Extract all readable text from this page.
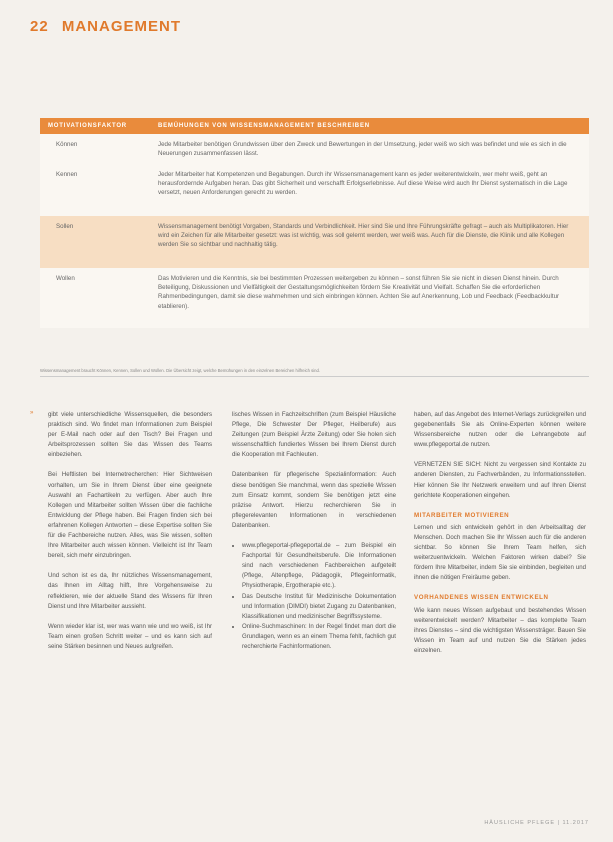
22 MANAGEMENT
MOTIVATIONSFAKTOR	BEMÜHUNGEN VON WISSENSMANAGEMENT BESCHREIBEN
Können	Jede Mitarbeiter benötigen Grundwissen über den Zweck und Bewertungen in der Umsetzung, jeder weiß wo sich was befindet und wie es sich in die Neuerungen zusammenfassen lässt.
Kennen	Jeder Mitarbeiter hat Kompetenzen und Begabungen. Durch ihr Wissensmanagement kann es jeder weiterentwickeln, wer mehr weiß, geht an herausfordernde Aufgaben heran. Das gibt Sicherheit und verschafft Erfolgserlebnisse. Auf diese Weise wird auch Ihr Dienst systematisch in die Lage versetzt, neuen Anforderungen gerecht zu werden.
Sollen	Wissensmanagement benötigt Vorgaben, Standards und Verbindlichkeit. Hier sind Sie und Ihre Führungskräfte gefragt – auch als Multiplikatoren. Hier wird ein Zeichen für alle Mitarbeiter gesetzt: was ist wichtig, was soll gelernt werden, wer weiß was. Auch für die Dienste, die Klinik und alle Kollegen werden Sie so sichtbar und nachhaltig tätig.
Wollen	Das Motivieren und die Kenntnis, sie bei bestimmten Prozessen weitergeben zu können – sonst führen Sie sie nicht in diesen Dienst hinein. Durch Beteiligung, Diskussionen und Vielfältigkeit der Gestaltungsmöglichkeiten fördern Sie Kreativität und Vielfalt. Schaffen Sie die erforderlichen Rahmenbedingungen, damit sie diese wahrnehmen und sich einbringen können. Achten Sie auf Anerkennung, Lob und Feedback (Feedbackkultur etablieren).
Wissensmanagement braucht Können, Kennen, Sollen und Wollen. Die Übersicht zeigt, welche Bemühungen in den einzelnen Bereichen hilfreich sind.
» gibt viele unterschiedliche Wissensquellen, die besonders praktisch sind. Wo findet man Informationen zum Beispiel per E-Mail nach oder auf den Tisch? Bei Fragen und Arbeitsprozessen sollten Sie das Wissen des Teams einbeziehen.

Bei Heftlisten bei Internetrecherchen: Hier Sichtweisen vorhalten, um Sie in Ihrem Dienst über eine geeignete Auswahl an Fachartikeln zu verfügen. Aber auch Ihre Kollegen und Mitarbeiter sollten Wissen über die fachliche Entwicklung der Pflege haben. Bei Fragen finden sich bei erfahrenen Kollegen Antworten – diese Expertise sollten Sie für die Fachbereiche nutzen. Alles, was Sie wissen, sollten Ihre Mitarbeiter auch wissen können. Vielleicht ist Ihr Team bereit, sich mehr einzubringen.

Und schon ist es da, Ihr nützliches Wissensmanagement, das Ihnen im Alltag hilft, Ihre Vorgehensweise zu reflektieren, wie der aktuelle Stand des Wissens für Ihren Dienst und Ihre Mitarbeiter aussieht.

Wenn wieder klar ist, wer was wann wie und wo weiß, ist Ihr Team einen großen Schritt weiter – und es kann sich auf seine Stärken besinnen und Neues aufgreifen.

lisches Wissen in Fachzeitschriften (zum Beispiel Häusliche Pflege, Die Schwester Der Pfleger, Heilberufe) aus Zeitungen (zum Beispiel Ärzte Zeitung) oder Sie holen sich wissenschaftlich fundiertes Wissen bei Ihrem Dienst durch die Kooperation mit Fachleuten.

Datenbanken für pflegerische Spezialinformation: Auch diese benötigen Sie manchmal, wenn das spezielle Wissen zum Einsatz kommt, sondern Sie benötigen jetzt eine präzise Antwort. Hierzu recherchieren Sie in pflegerelevanten Informationen in verschiedenen Datenbanken.

• www.pflegeportal-pflegeportal.de – zum Beispiel ein Fachportal für Gesundheitsberufe. Die Informationen sind nach verschiedenen Fachbereichen aufgeteilt (Pflege, Altenpflege, Pädagogik, Pflegeinformatik, Physiotherapie, Ergotherapie etc.).
• Das Deutsche Institut für Medizinische Dokumentation und Information (DIMDI) bietet Zugang zu Datenbanken, Klassifikationen und medizinischer Begriffssysteme.
• Online-Suchmaschinen: In der Regel findet man dort die Grundlagen, wenn es an einem Thema fehlt, fachlich gut recherchierte Fachinformationen.

haben, auf das Angebot des Internet-Verlags zurückgreifen und gegebenenfalls Sie als Online-Experten können weitere Wissensbereiche nutzen oder die Lehrangebote auf www.pflegeportal.de nutzen.

VERNETZEN SIE SICH: Nicht zu vergessen sind Kontakte zu anderen Diensten, zu Fachverbänden, zu Informationsstellen. Hier können Sie Ihr Netzwerk erweitern und auf Ihren Dienst gerichtete Kooperationen eingehen.

MITARBEITER MOTIVIEREN

Lernen und sich entwickeln gehört in den Arbeitsalltag der Menschen. Doch machen Sie Ihr Wissen auch für die anderen sichtbar. So können Sie Ihrem Team helfen, sich weiterzuentwickeln. Welchen Faktoren wirken dabei? Sie fördern Ihre Mitarbeiter, indem Sie sie einbinden, begleiten und ihnen die nötigen Freiräume geben.

VORHANDENES WISSEN ENTWICKELN

Wie kann neues Wissen aufgebaut und bestehendes Wissen weiterentwickelt werden? Mitarbeiter – das komplette Team ihres Dienstes – sind die wichtigsten Wissensträger. Bauen Sie Wissen im Team auf und nutzen Sie die Stärken jedes einzelnen.

HÄUSLICHE PFLEGE | 11.2017
